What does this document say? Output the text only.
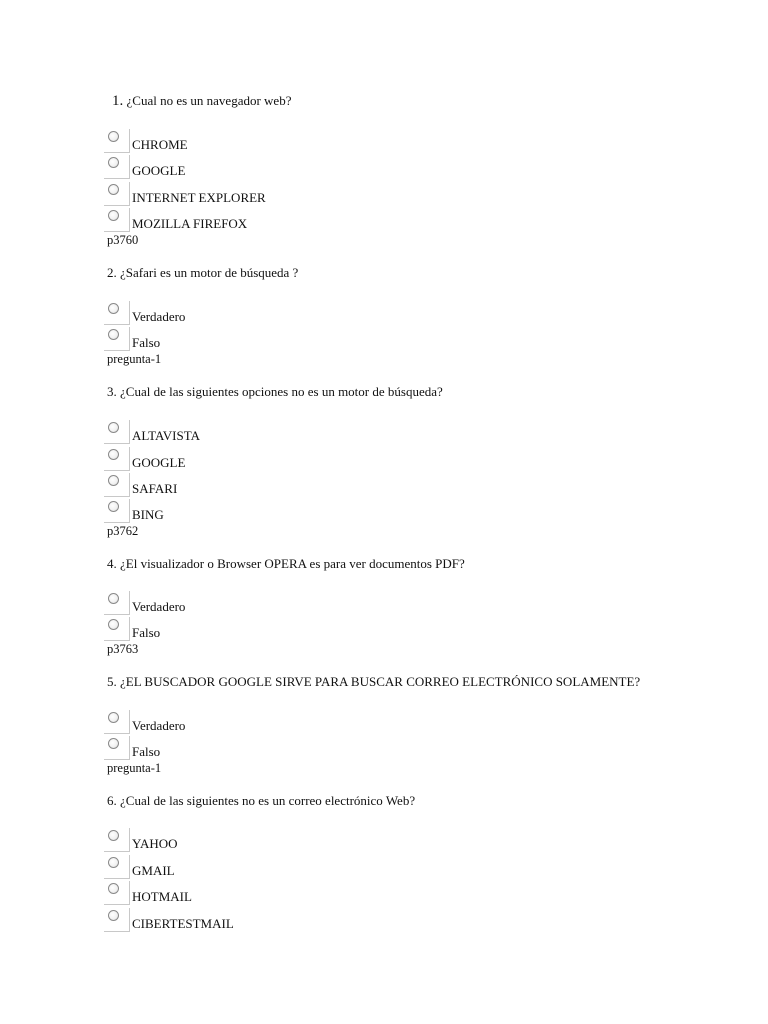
1. ¿Cual no es un navegador web?
CHROME
GOOGLE
INTERNET EXPLORER
MOZILLA FIREFOX
p3760
2. ¿Safari es un motor de búsqueda ?
Verdadero
Falso
pregunta-1
3. ¿Cual de las siguientes opciones no es un motor de búsqueda?
ALTAVISTA
GOOGLE
SAFARI
BING
p3762
4. ¿El visualizador o Browser OPERA es para ver documentos PDF?
Verdadero
Falso
p3763
5. ¿EL BUSCADOR GOOGLE SIRVE PARA BUSCAR CORREO ELECTRÓNICO SOLAMENTE?
Verdadero
Falso
pregunta-1
6. ¿Cual de las siguientes no es un correo electrónico Web?
YAHOO
GMAIL
HOTMAIL
CIBERTESTMAIL
